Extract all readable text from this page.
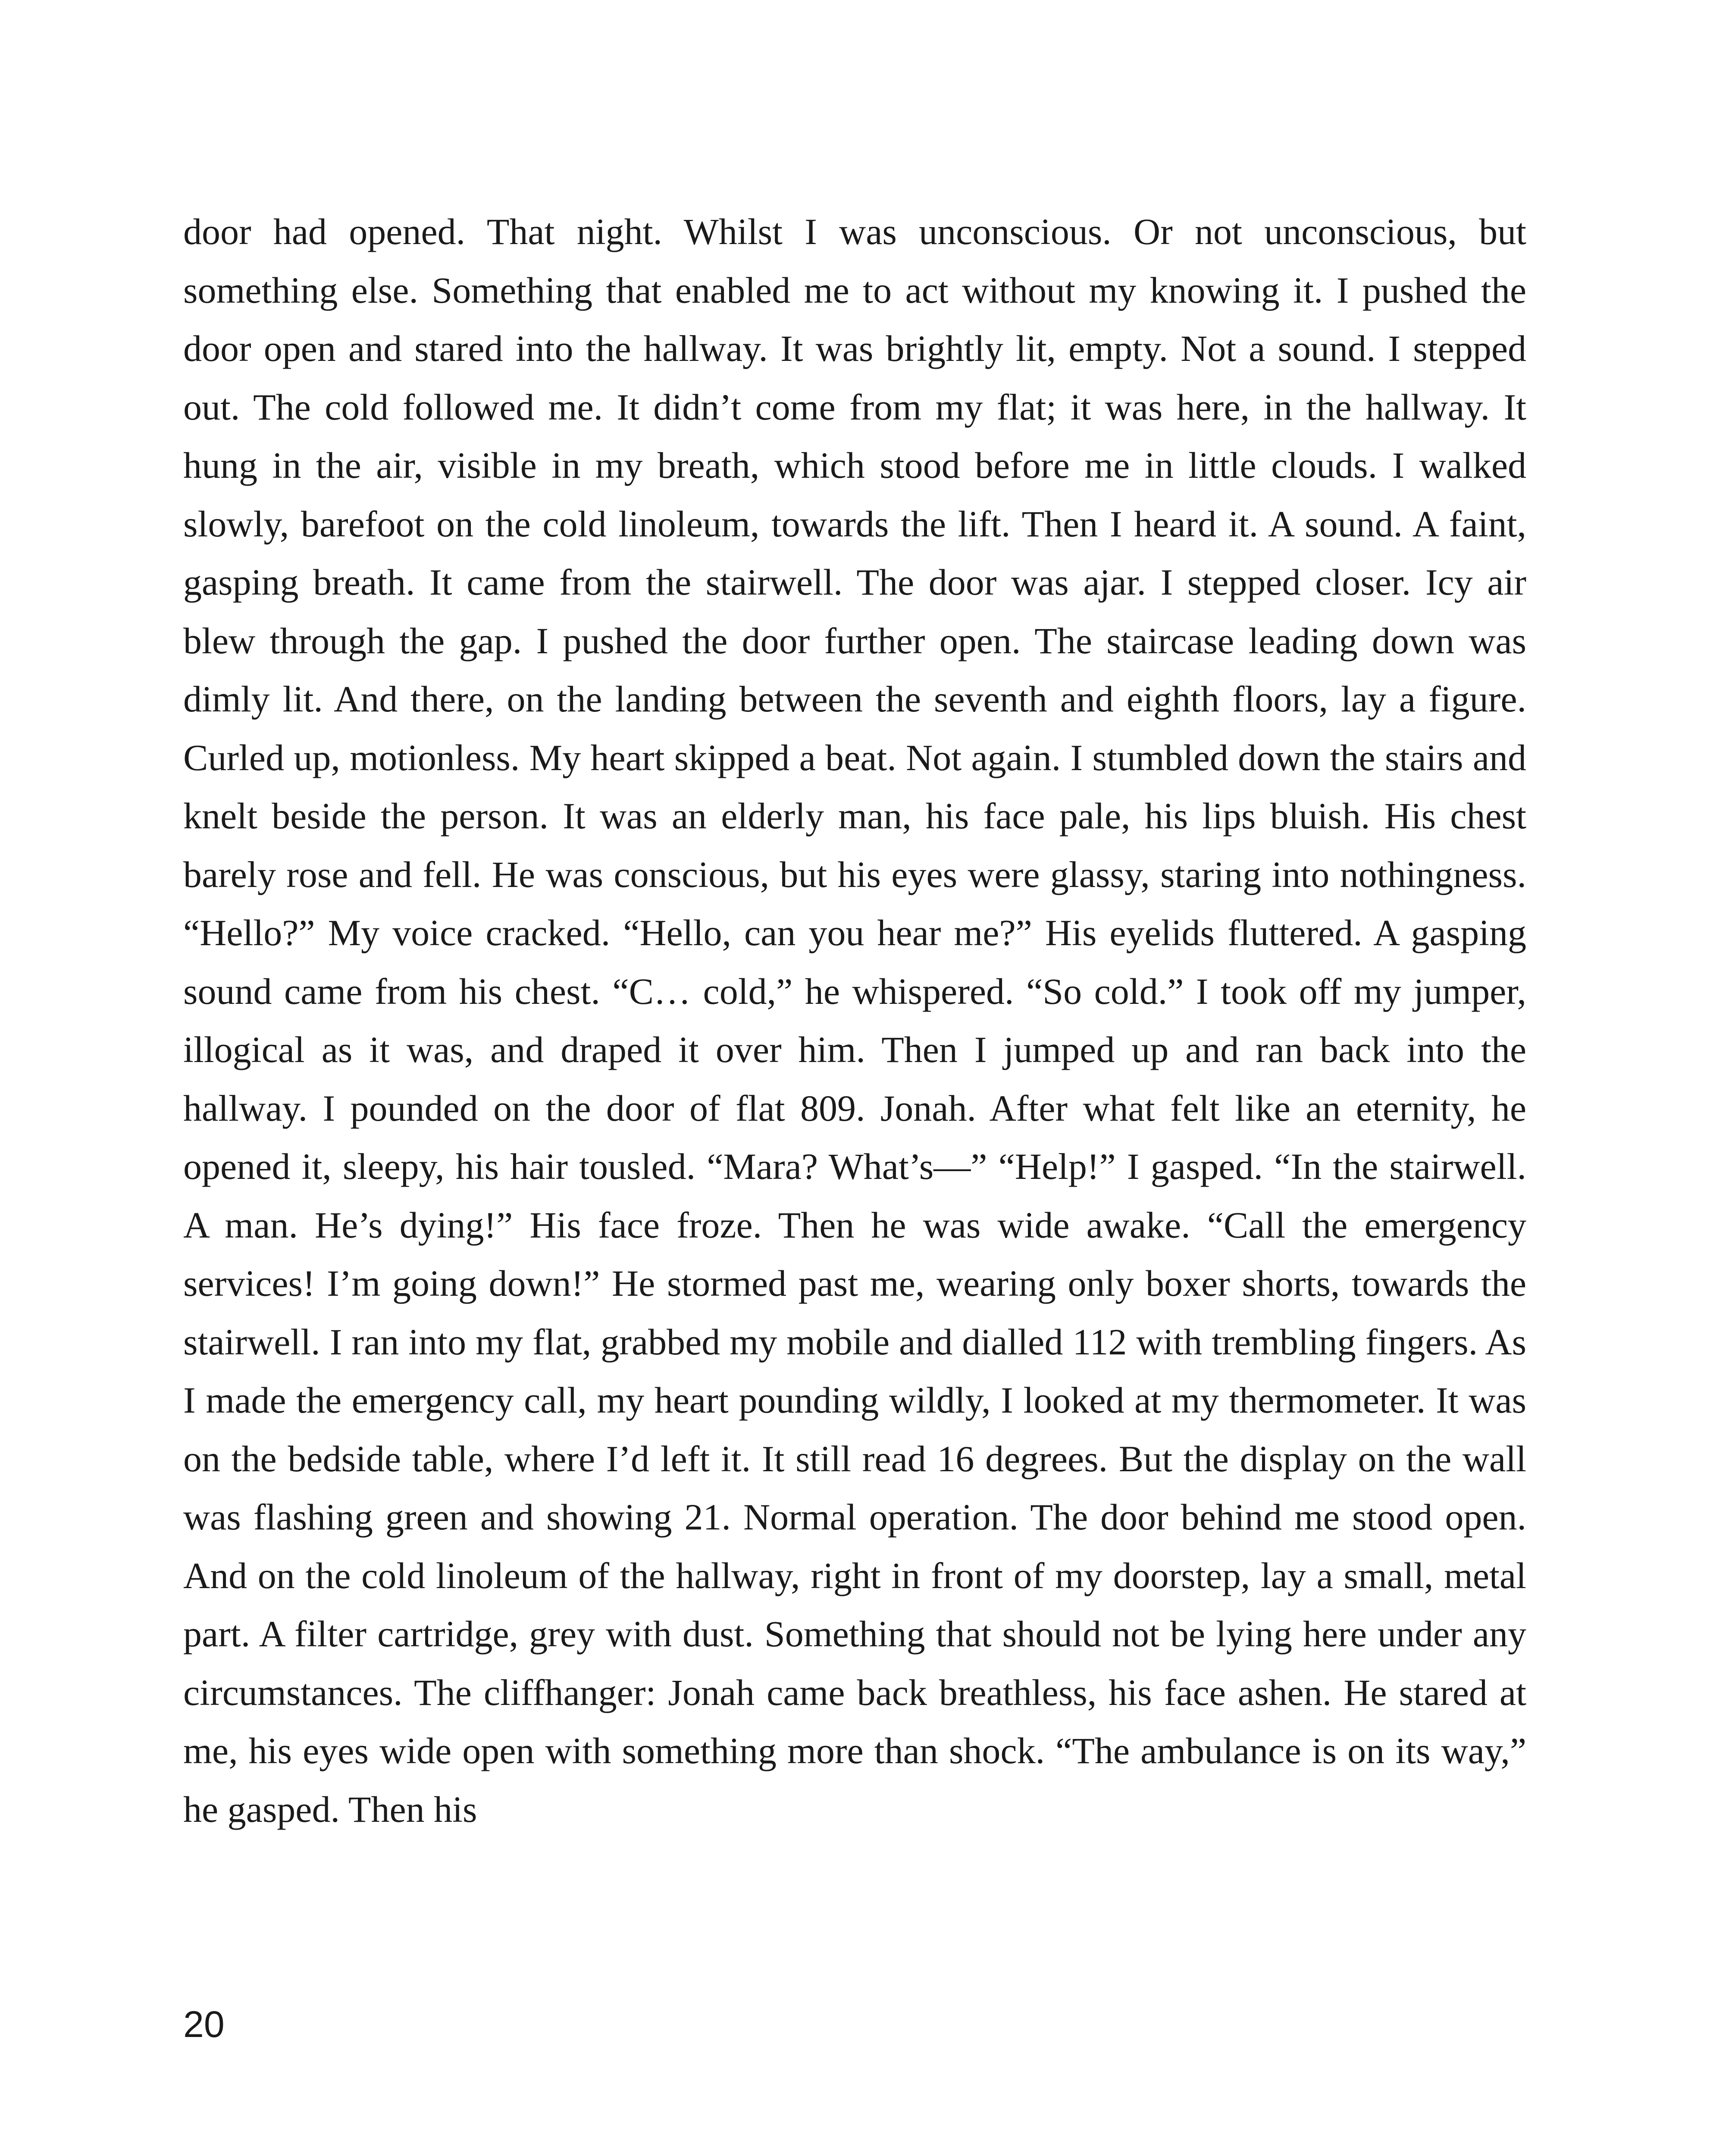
door had opened. That night. Whilst I was unconscious. Or not unconscious, but something else. Something that enabled me to act without my knowing it. I pushed the door open and stared into the hallway. It was brightly lit, empty. Not a sound. I stepped out. The cold followed me. It didn’t come from my flat; it was here, in the hallway. It hung in the air, visible in my breath, which stood before me in little clouds. I walked slowly, barefoot on the cold linoleum, towards the lift. Then I heard it. A sound. A faint, gasping breath. It came from the stairwell. The door was ajar. I stepped closer. Icy air blew through the gap. I pushed the door further open. The staircase leading down was dimly lit. And there, on the landing between the seventh and eighth floors, lay a figure. Curled up, motionless. My heart skipped a beat. Not again. I stumbled down the stairs and knelt beside the person. It was an elderly man, his face pale, his lips bluish. His chest barely rose and fell. He was conscious, but his eyes were glassy, staring into nothingness. “Hello?” My voice cracked. “Hello, can you hear me?” His eyelids fluttered. A gasping sound came from his chest. “C… cold,” he whispered. “So cold.” I took off my jumper, illogical as it was, and draped it over him. Then I jumped up and ran back into the hallway. I pounded on the door of flat 809. Jonah. After what felt like an eternity, he opened it, sleepy, his hair tousled. “Mara? What’s—” “Help!” I gasped. “In the stairwell. A man. He’s dying!” His face froze. Then he was wide awake. “Call the emergency services! I’m going down!” He stormed past me, wearing only boxer shorts, towards the stairwell. I ran into my flat, grabbed my mobile and dialled 112 with trembling fingers. As I made the emergency call, my heart pounding wildly, I looked at my thermometer. It was on the bedside table, where I’d left it. It still read 16 degrees. But the display on the wall was flashing green and showing 21. Normal operation. The door behind me stood open. And on the cold linoleum of the hallway, right in front of my doorstep, lay a small, metal part. A filter cartridge, grey with dust. Something that should not be lying here under any circumstances. The cliffhanger: Jonah came back breathless, his face ashen. He stared at me, his eyes wide open with something more than shock. “The ambulance is on its way,” he gasped. Then his

20
